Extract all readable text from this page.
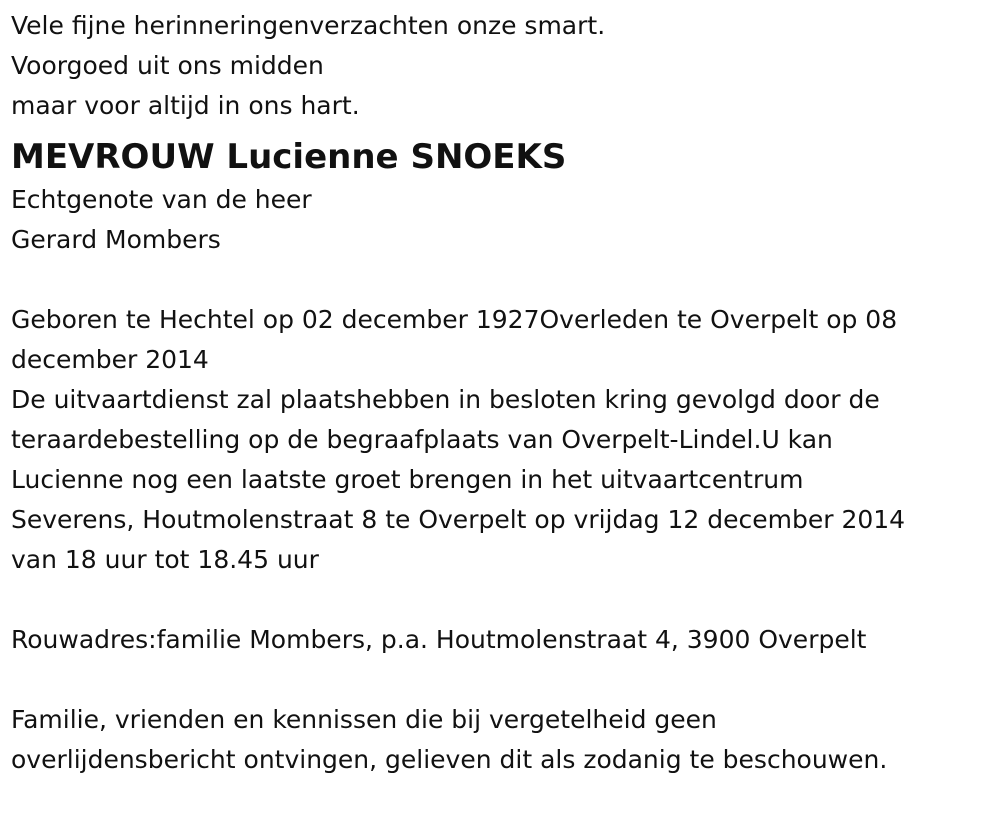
Vele fijne herinneringenverzachten onze smart.
Voorgoed uit ons midden
maar voor altijd in ons hart.
MEVROUW Lucienne SNOEKS
Echtgenote van de heer
Gerard Mombers
Geboren te Hechtel op 02 december 1927Overleden te Overpelt op 08
december 2014
De uitvaartdienst zal plaatshebben in besloten kring gevolgd door de
teraardebestelling op de begraafplaats van Overpelt-Lindel.U kan
Lucienne nog een laatste groet brengen in het uitvaartcentrum
Severens, Houtmolenstraat 8 te Overpelt op vrijdag 12 december 2014
van 18 uur tot 18.45 uur
Rouwadres:familie Mombers, p.a. Houtmolenstraat 4, 3900 Overpelt
Familie, vrienden en kennissen die bij vergetelheid geen
overlijdensbericht ontvingen, gelieven dit als zodanig te beschouwen.
